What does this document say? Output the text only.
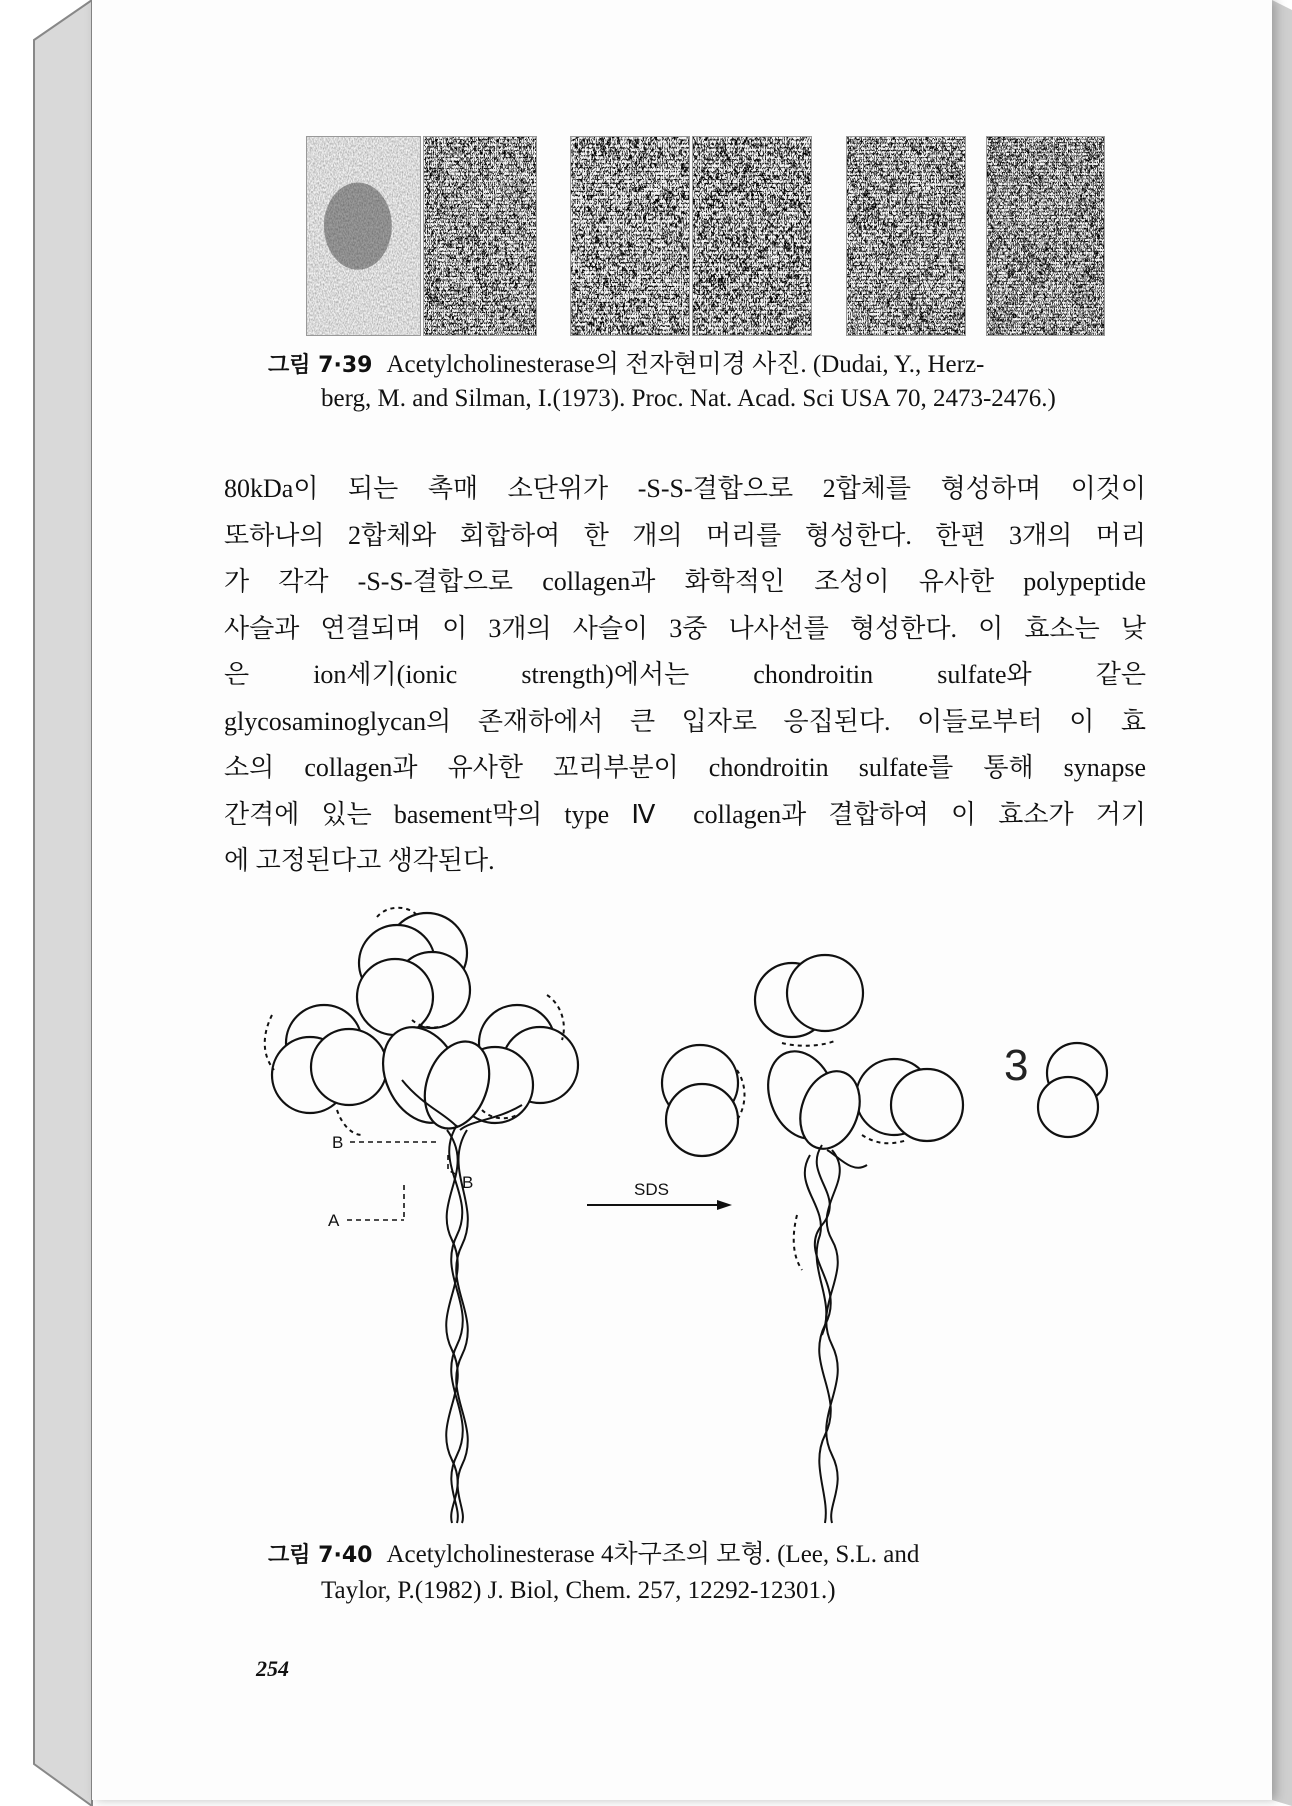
그림 7·39 Acetylcholinesterase의 전자현미경 사진. (Dudai, Y., Herz-
berg, M. and Silman, I.(1973). Proc. Nat. Acad. Sci USA 70, 2473-2476.)

80kDa이 되는 촉매 소단위가 -S-S-결합으로 2합체를 형성하며 이것이

또하나의 2합체와 회합하여 한 개의 머리를 형성한다. 한편 3개의 머리

가 각각 -S-S-결합으로 collagen과 화학적인 조성이 유사한 polypeptide

사슬과 연결되며 이 3개의 사슬이 3중 나사선를 형성한다. 이 효소는 낮

은 ion세기(ionic strength)에서는 chondroitin sulfate와 같은

glycosaminoglycan의 존재하에서 큰 입자로 응집된다. 이들로부터 이 효

소의 collagen과 유사한 꼬리부분이 chondroitin sulfate를 통해 synapse

간격에 있는 basement막의 type Ⅳ collagen과 결합하여 이 효소가 거기

에 고정된다고 생각된다.

B
B
A
SDS
3
그림 7·40 Acetylcholinesterase 4차구조의 모형. (Lee, S.L. and
Taylor, P.(1982) J. Biol, Chem. 257, 12292-12301.)
254
